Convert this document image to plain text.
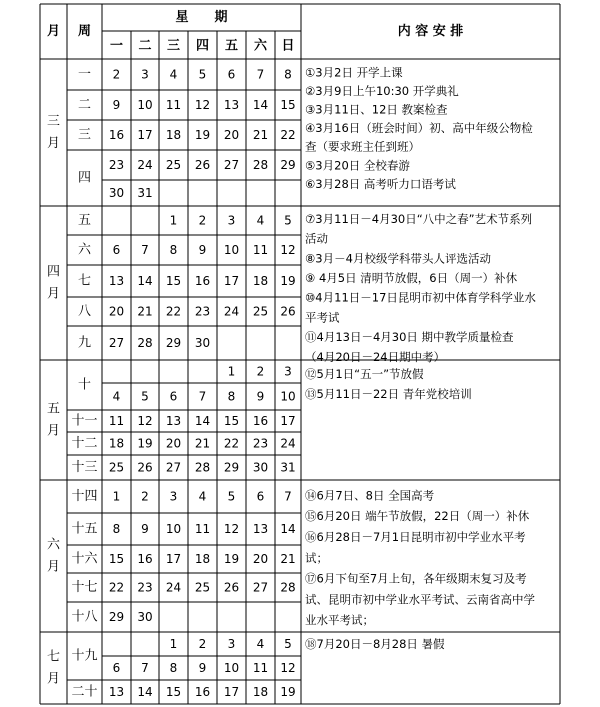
月 周
星　　期
一 二 三 四 五 六 日
内 容 安 排
一 2 3 4 5 6 7 8
二 9 10 11 12 13 14 15
三 16 17 18 19 20 21 22
四
23 24 25 26 27 28 29
30 31
三
月
①3月2日 开学上课
②3月9日上午10:30 开学典礼
③3月11日、12日 教案检查
④3月16日（班会时间）初、高中年级公物检
查（要求班主任到班）
⑤3月20日 全校春游
⑥3月28日 高考听力口语考试
五	1 2 3 4 5
六 6 7 8 9 10 11 12
七 13 14 15 16 17 18 19
八 20 21 22 23 24 25 26
九 27 28 29 30
四
月
⑦3月11日－4月30日“八中之春”艺术节系列
活动
⑧3月－4月校级学科带头人评选活动
⑨ 4月5日 清明节放假，6日（周一）补休
⑩4月11日－17日昆明市初中体育学科学业水
平考试
⑪4月13日－4月30日 期中教学质量检查
（4月20日－24日期中考）
1 2 3
十
4 5 6 7 8 9 10
十一 11 12 13 14 15 16 17
十二 18 19 20 21 22 23 24
十三 25 26 27 28 29 30 31
五
月
⑫5月1日“五一”节放假
⑬5月11日－22日 青年党校培训
十四 1 2 3 4 5 6 7
十五 8 9 10 11 12 13 14
十六 15 16 17 18 19 20 21
十七 22 23 24 25 26 27 28
十八 29 30
六
月
⑭6月7日、8日 全国高考
⑮6月20日 端午节放假，22日（周一）补休
⑯6月28日－7月1日昆明市初中学业水平考
试；
⑰6月下旬至7月上旬，各年级期末复习及考
试、昆明市初中学业水平考试、云南省高中学
业水平考试；
1 2 3 4 5
十九
6 7 8 9 10 11 12
二十 13 14 15 16 17 18 19
七
月
⑱7月20日－8月28日 暑假
